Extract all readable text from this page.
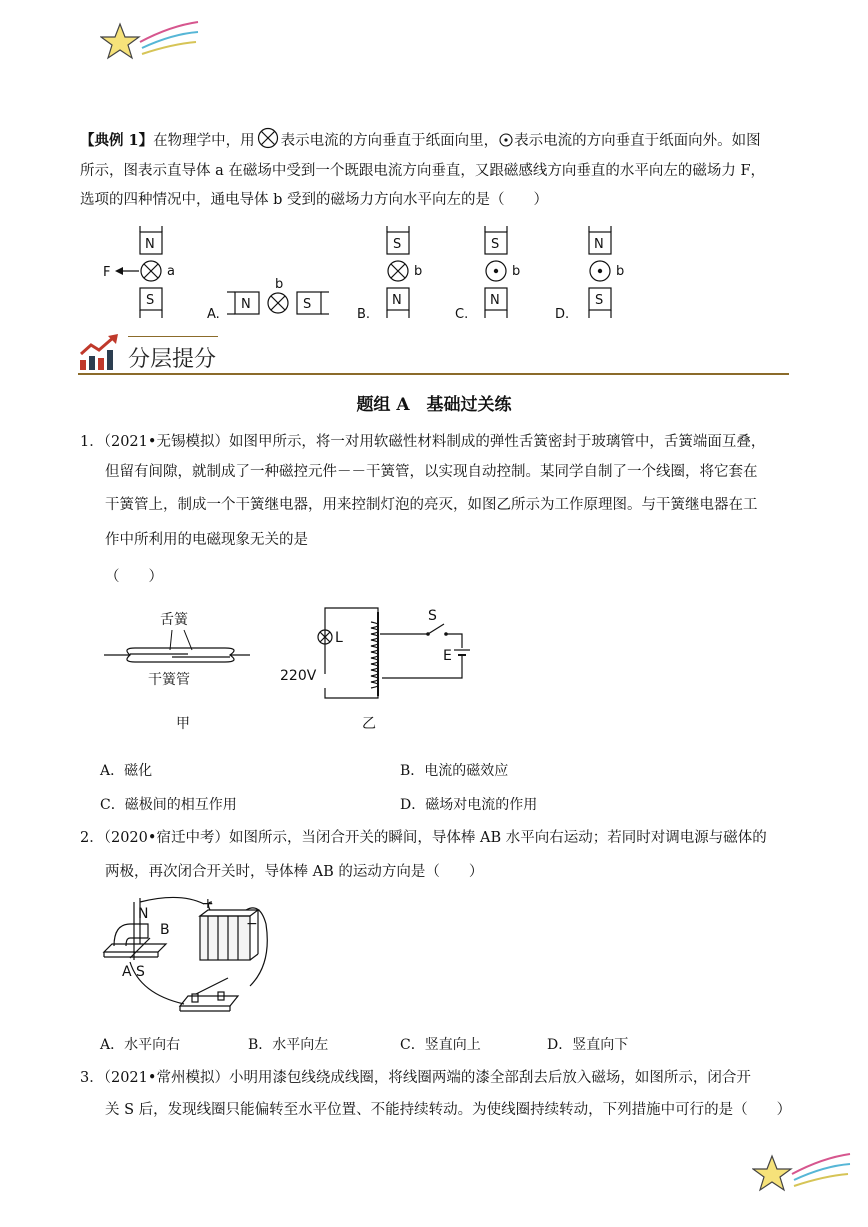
【典例 1】在物理学中，用 表示电流的方向垂直于纸面向里， 表示电流的方向垂直于纸面向外。如图
所示，图表示直导体 a 在磁场中受到一个既跟电流方向垂直，又跟磁感线方向垂直的水平向左的磁场力 F，
选项的四种情况中，通电导体 b 受到的磁场力方向水平向左的是（　　）
N
S
a
F
A.
N
b
S
B.
S
b
N
C.
S
b
N
D.
N
b
S
分层提分
题组 A　基础过关练
1．（2021•无锡模拟）如图甲所示，将一对用软磁性材料制成的弹性舌簧密封于玻璃管中，舌簧端面互叠，
但留有间隙，就制成了一种磁控元件－－干簧管，以实现自动控制。某同学自制了一个线圈，将它套在
干簧管上，制成一个干簧继电器，用来控制灯泡的亮灭，如图乙所示为工作原理图。与干簧继电器在工
作中所利用的电磁现象无关的是
（　　）
舌簧
干簧管
甲
L
S
E
220V
乙
A．磁化	B．电流的磁效应
C．磁极间的相互作用	D．磁场对电流的作用
2．（2020•宿迁中考）如图所示，当闭合开关的瞬间，导体棒 AB 水平向右运动；若同时对调电源与磁体的
两极，再次闭合开关时，导体棒 AB 的运动方向是（　　）
N
B
A S
+
−
A．水平向右	B．水平向左	C．竖直向上	D．竖直向下
3．（2021•常州模拟）小明用漆包线绕成线圈，将线圈两端的漆全部刮去后放入磁场，如图所示，闭合开
关 S 后，发现线圈只能偏转至水平位置、不能持续转动。为使线圈持续转动，下列措施中可行的是（　　）
